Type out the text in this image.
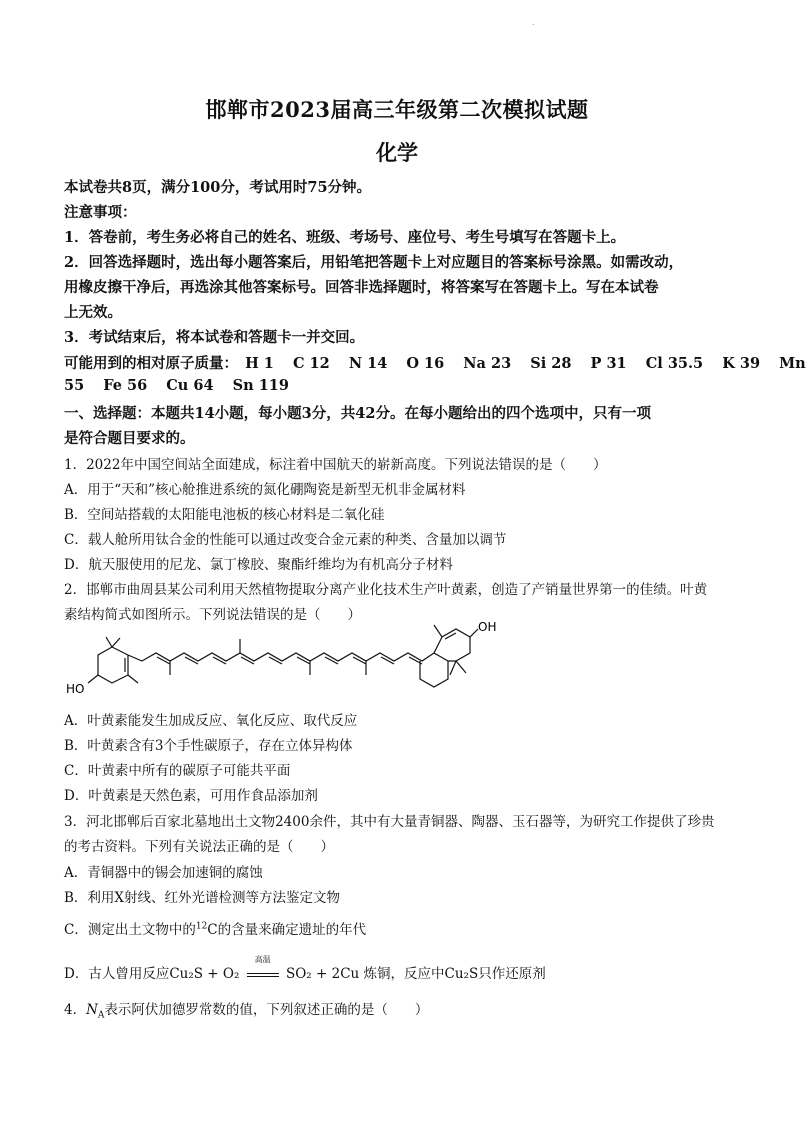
.
邯郸市2023届高三年级第二次模拟试题
化学
本试卷共8页，满分100分，考试用时75分钟。
注意事项：
1．答卷前，考生务必将自己的姓名、班级、考场号、座位号、考生号填写在答题卡上。
2．回答选择题时，选出每小题答案后，用铅笔把答题卡上对应题目的答案标号涂黑。如需改动，
用橡皮擦干净后，再选涂其他答案标号。回答非选择题时，将答案写在答题卡上。写在本试卷
上无效。
3．考试结束后，将本试卷和答题卡一并交回。
可能用到的相对原子质量： H 1 C 12 N 14 O 16 Na 23 Si 28 P 31 Cl 35.5 K 39 Mn
55 Fe 56 Cu 64 Sn 119
一、选择题：本题共14小题，每小题3分，共42分。在每小题给出的四个选项中，只有一项
是符合题目要求的。
1．2022年中国空间站全面建成，标注着中国航天的崭新高度。下列说法错误的是（　　）
A．用于“天和”核心舱推进系统的氮化硼陶瓷是新型无机非金属材料
B．空间站搭载的太阳能电池板的核心材料是二氧化硅
C．载人舱所用钛合金的性能可以通过改变合金元素的种类、含量加以调节
D．航天服使用的尼龙、氯丁橡胶、聚酯纤维均为有机高分子材料
2．邯郸市曲周县某公司利用天然植物提取分离产业化技术生产叶黄素，创造了产销量世界第一的佳绩。叶黄
素结构简式如图所示。下列说法错误的是（　　）
OH
HO
A．叶黄素能发生加成反应、氧化反应、取代反应
B．叶黄素含有3个手性碳原子，存在立体异构体
C．叶黄素中所有的碳原子可能共平面
D．叶黄素是天然色素，可用作食品添加剂
3．河北邯郸后百家北墓地出土文物2400余件，其中有大量青铜器、陶器、玉石器等，为研究工作提供了珍贵
的考古资料。下列有关说法正确的是（　　）
A．青铜器中的锡会加速铜的腐蚀
B．利用X射线、红外光谱检测等方法鉴定文物
C．测定出土文物中的$^{12}$C的含量来确定遗址的年代
D．古人曾用反应Cu₂S + O₂
高温
SO₂ + 2Cu 炼铜，反应中Cu₂S只作还原剂
4．$N_A$表示阿伏加德罗常数的值，下列叙述正确的是（　　）
